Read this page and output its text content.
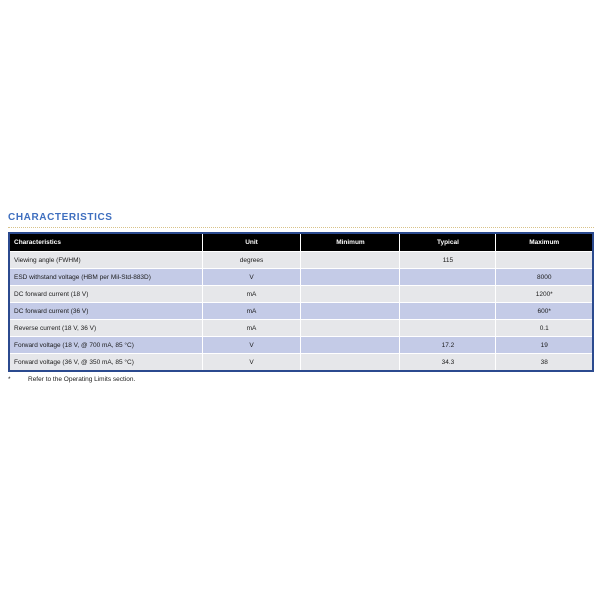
CHARACTERISTICS
Characteristics	Unit	Minimum	Typical	Maximum
Viewing angle (FWHM)	degrees		115	
ESD withstand voltage (HBM per Mil-Std-883D)	V			8000
DC forward current (18 V)	mA			1200*
DC forward current (36 V)	mA			600*
Reverse current (18 V, 36 V)	mA			0.1
Forward voltage (18 V, @ 700 mA, 85 °C)	V		17.2	19
Forward voltage (36 V, @ 350 mA, 85 °C)	V		34.3	38
*	Refer to the Operating Limits section.
